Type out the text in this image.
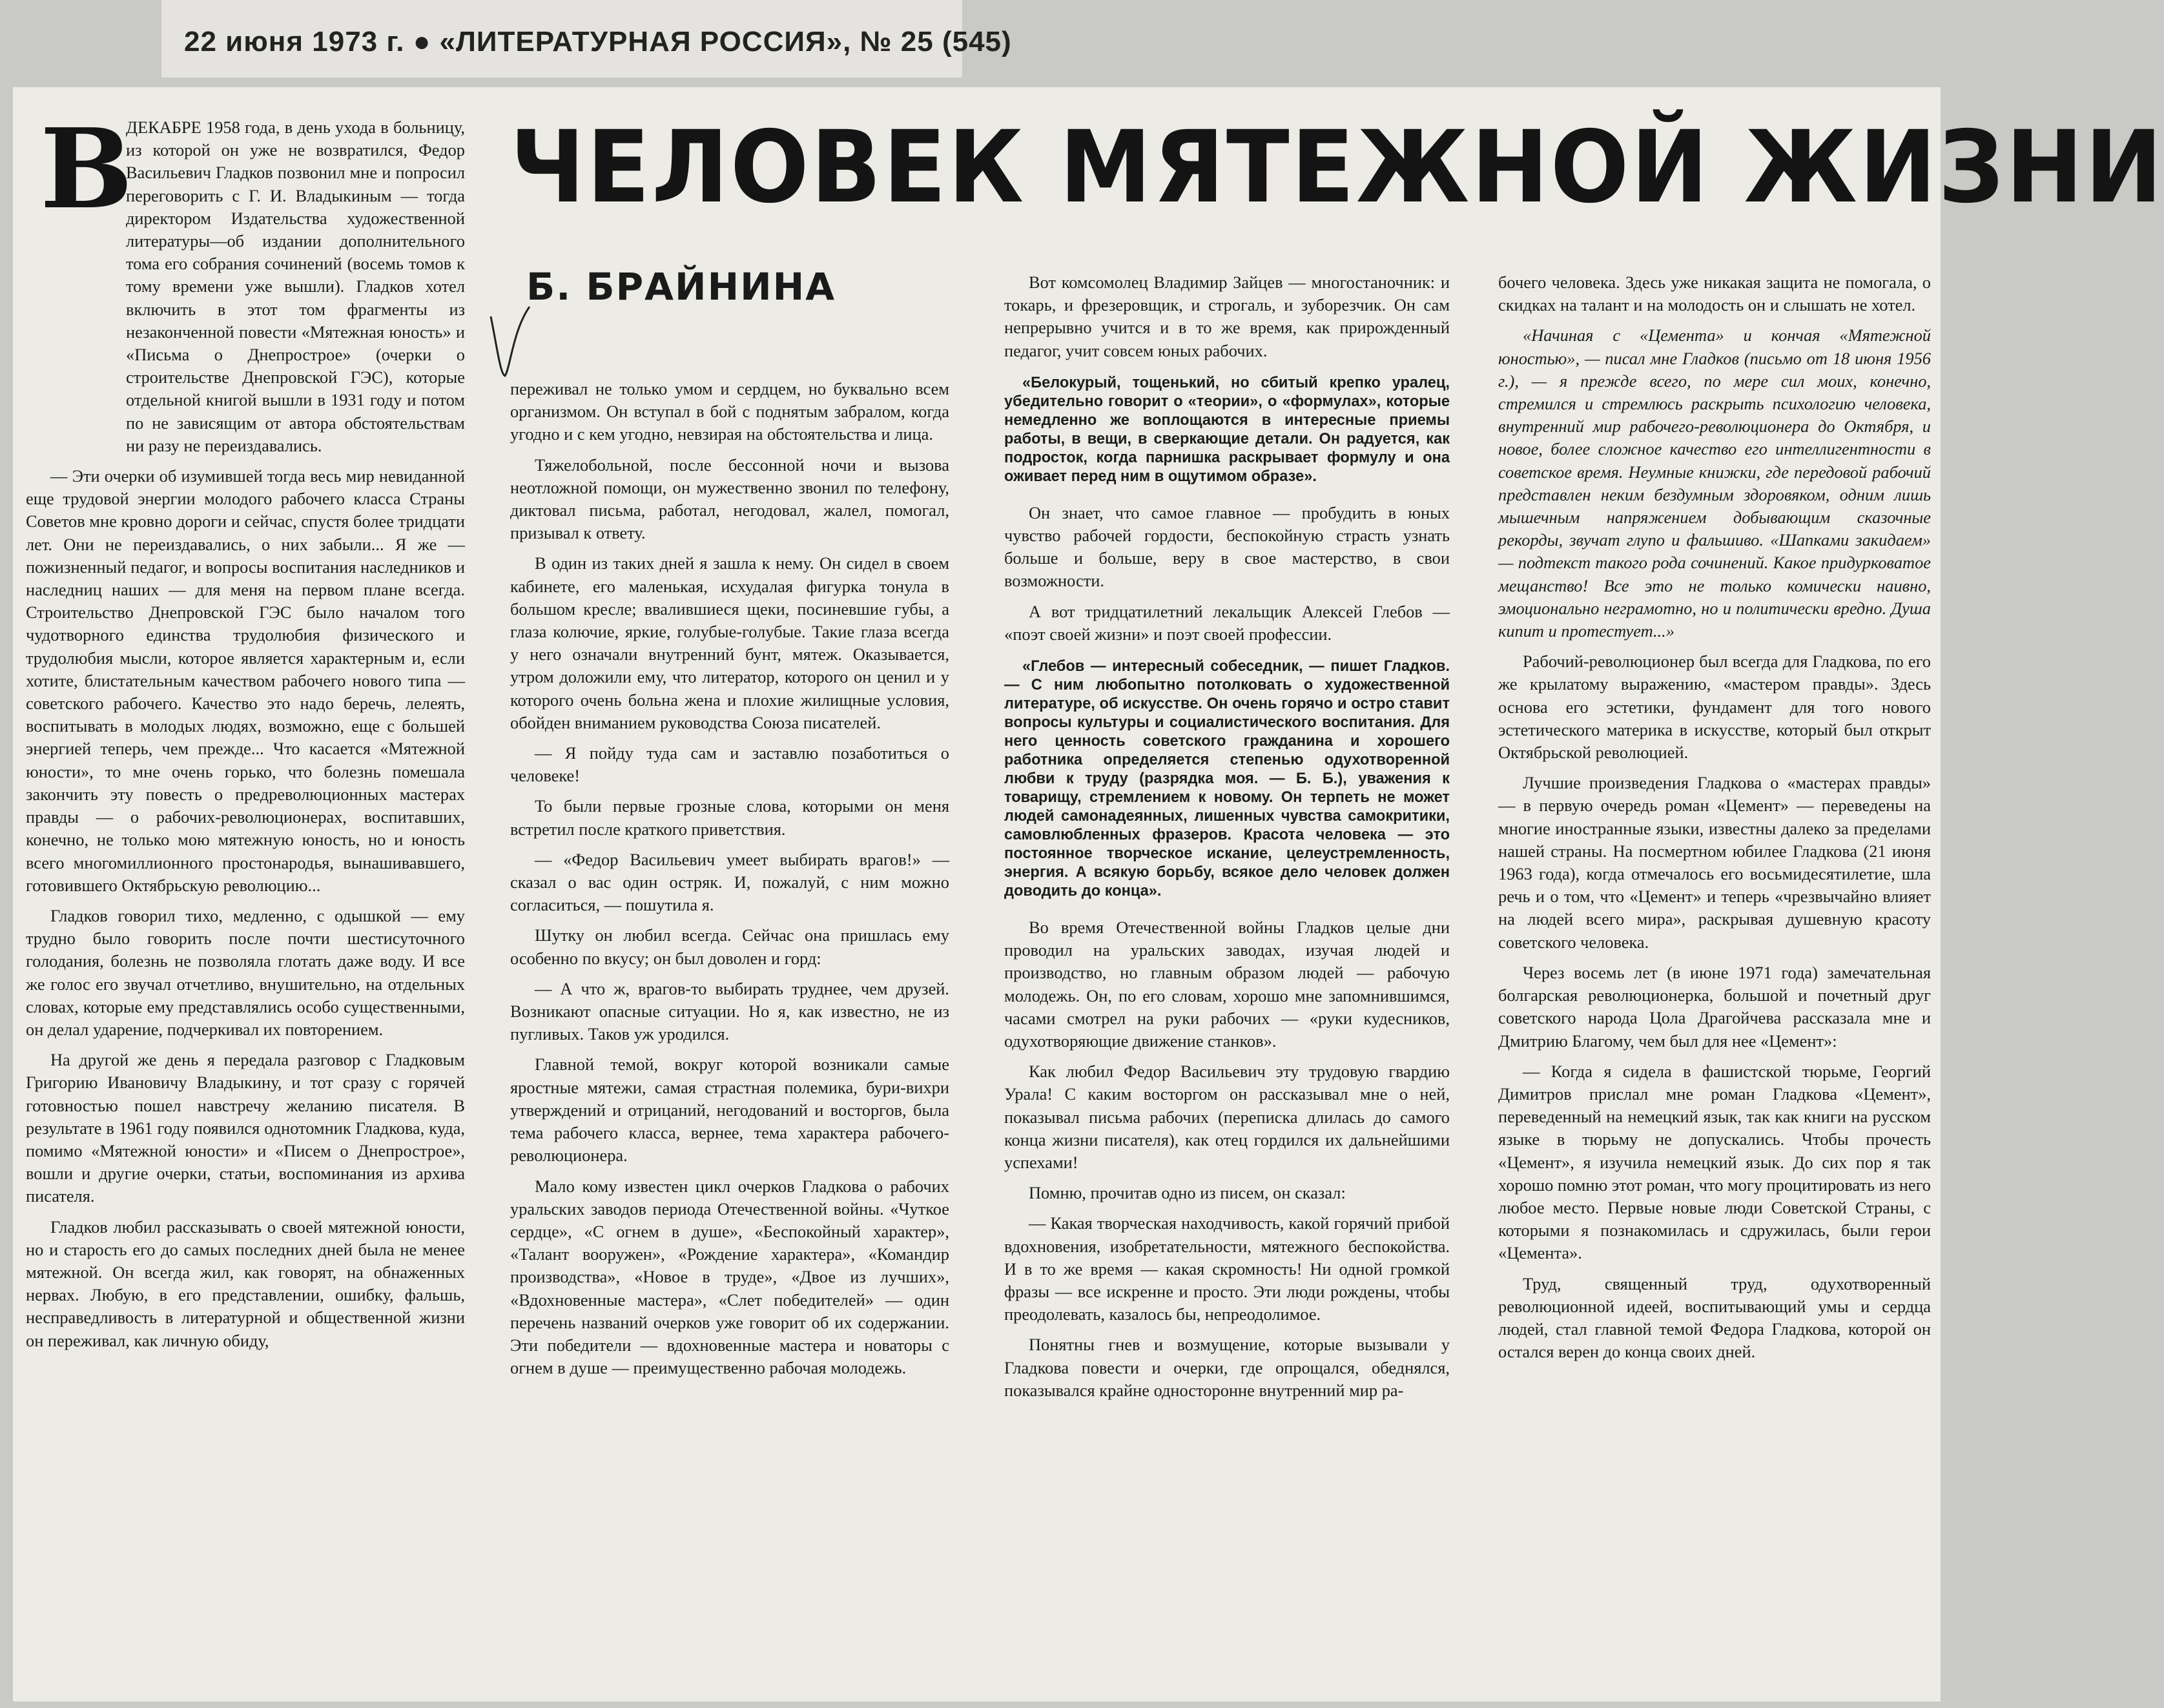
22 июня 1973 г. ● «ЛИТЕРАТУРНАЯ РОССИЯ», № 25 (545)
ЧЕЛОВЕК МЯТЕЖНОЙ ЖИЗНИ
Б. БРАЙНИНА
В

ДЕКАБРЕ 1958 года, в день ухода в больницу, из которой он уже не возвратился, Федор Васильевич Гладков позвонил мне и попросил переговорить с Г. И. Владыкиным — тогда директором Издательства художественной литературы—об издании дополнительного тома его собрания сочинений (восемь томов к тому времени уже вышли). Гладков хотел включить в этот том фрагменты из незаконченной повести «Мятежная юность» и «Письма о Днепрострое» (очерки о строительстве Днепровской ГЭС), которые отдельной книгой вышли в 1931 году и потом по не зависящим от автора обстоятельствам ни разу не переиздавались.

— Эти очерки об изумившей тогда весь мир невиданной еще трудовой энергии молодого рабочего класса Страны Советов мне кровно дороги и сейчас, спустя более тридцати лет. Они не переиздавались, о них забыли... Я же — пожизненный педагог, и вопросы воспитания наследников и наследниц наших — для меня на первом плане всегда. Строительство Днепровской ГЭС было началом того чудотворного единства трудолюбия физического и трудолюбия мысли, которое является характерным и, если хотите, блистательным качеством рабочего нового типа — советского рабочего. Качество это надо беречь, лелеять, воспитывать в молодых людях, возможно, еще с большей энергией теперь, чем прежде... Что касается «Мятежной юности», то мне очень горько, что болезнь помешала закончить эту повесть о предреволюционных мастерах правды — о рабочих-революционерах, воспитавших, конечно, не только мою мятежную юность, но и юность всего многомиллионного простонародья, вынашивавшего, готовившего Октябрьскую революцию...

Гладков говорил тихо, медленно, с одышкой — ему трудно было говорить после почти шестисуточного голодания, болезнь не позволяла глотать даже воду. И все же голос его звучал отчетливо, внушительно, на отдельных словах, которые ему представлялись особо существенными, он делал ударение, подчеркивал их повторением.

На другой же день я передала разговор с Гладковым Григорию Ивановичу Владыкину, и тот сразу с горячей готовностью пошел навстречу желанию писателя. В результате в 1961 году появился однотомник Гладкова, куда, помимо «Мятежной юности» и «Писем о Днепрострое», вошли и другие очерки, статьи, воспоминания из архива писателя.

Гладков любил рассказывать о своей мятежной юности, но и старость его до самых последних дней была не менее мятежной. Он всегда жил, как говорят, на обнаженных нервах. Любую, в его представлении, ошибку, фальшь, несправедливость в литературной и общественной жизни он переживал, как личную обиду,

переживал не только умом и сердцем, но буквально всем организмом. Он вступал в бой с поднятым забралом, когда угодно и с кем угодно, невзирая на обстоятельства и лица.

Тяжелобольной, после бессонной ночи и вызова неотложной помощи, он мужественно звонил по телефону, диктовал письма, работал, негодовал, жалел, помогал, призывал к ответу.

В один из таких дней я зашла к нему. Он сидел в своем кабинете, его маленькая, исхудалая фигурка тонула в большом кресле; ввалившиеся щеки, посиневшие губы, а глаза колючие, яркие, голубые-голубые. Такие глаза всегда у него означали внутренний бунт, мятеж. Оказывается, утром доложили ему, что литератор, которого он ценил и у которого очень больна жена и плохие жилищные условия, обойден вниманием руководства Союза писателей.

— Я пойду туда сам и заставлю позаботиться о человеке!

То были первые грозные слова, которыми он меня встретил после краткого приветствия.

— «Федор Васильевич умеет выбирать врагов!» — сказал о вас один остряк. И, пожалуй, с ним можно согласиться, — пошутила я.

Шутку он любил всегда. Сейчас она пришлась ему особенно по вкусу; он был доволен и горд:

— А что ж, врагов-то выбирать труднее, чем друзей. Возникают опасные ситуации. Но я, как известно, не из пугливых. Таков уж уродился.

Главной темой, вокруг которой возникали самые яростные мятежи, самая страстная полемика, бури-вихри утверждений и отрицаний, негодований и восторгов, была тема рабочего класса, вернее, тема характера рабочего-революционера.

Мало кому известен цикл очерков Гладкова о рабочих уральских заводов периода Отечественной войны. «Чуткое сердце», «С огнем в душе», «Беспокойный характер», «Талант вооружен», «Рождение характера», «Командир производства», «Новое в труде», «Двое из лучших», «Вдохновенные мастера», «Слет победителей» — один перечень названий очерков уже говорит об их содержании. Эти победители — вдохновенные мастера и новаторы с огнем в душе — преимущественно рабочая молодежь.

Вот комсомолец Владимир Зайцев — многостаночник: и токарь, и фрезеровщик, и строгаль, и зуборезчик. Он сам непрерывно учится и в то же время, как прирожденный педагог, учит совсем юных рабочих.

«Белокурый, тощенький, но сбитый крепко уралец, убедительно говорит о «теории», о «формулах», которые немедленно же воплощаются в интересные приемы работы, в вещи, в сверкающие детали. Он радуется, как подросток, когда парнишка раскрывает формулу и она оживает перед ним в ощутимом образе».

Он знает, что самое главное — пробудить в юных чувство рабочей гордости, беспокойную страсть узнать больше и больше, веру в свое мастерство, в свои возможности.

А вот тридцатилетний лекальщик Алексей Глебов — «поэт своей жизни» и поэт своей профессии.

«Глебов — интересный собеседник, — пишет Гладков. — С ним любопытно потолковать о художественной литературе, об искусстве. Он очень горячо и остро ставит вопросы культуры и социалистического воспитания. Для него ценность советского гражданина и хорошего работника определяется степенью одухотворенной любви к труду (разрядка моя. — Б. Б.), уважения к товарищу, стремлением к новому. Он терпеть не может людей самонадеянных, лишенных чувства самокритики, самовлюбленных фразеров. Красота человека — это постоянное творческое искание, целеустремленность, энергия. А всякую борьбу, всякое дело человек должен доводить до конца».

Во время Отечественной войны Гладков целые дни проводил на уральских заводах, изучая людей и производство, но главным образом людей — рабочую молодежь. Он, по его словам, хорошо мне запомнившимся, часами смотрел на руки рабочих — «руки кудесников, одухотворяющие движение станков».

Как любил Федор Васильевич эту трудовую гвардию Урала! С каким восторгом он рассказывал мне о ней, показывал письма рабочих (переписка длилась до самого конца жизни писателя), как отец гордился их дальнейшими успехами!

Помню, прочитав одно из писем, он сказал:

— Какая творческая находчивость, какой горячий прибой вдохновения, изобретательности, мятежного беспокойства. И в то же время — какая скромность! Ни одной громкой фразы — все искренне и просто. Эти люди рождены, чтобы преодолевать, казалось бы, непреодолимое.

Понятны гнев и возмущение, которые вызывали у Гладкова повести и очерки, где опрощался, обеднялся, показывался крайне односторонне внутренний мир ра-

бочего человека. Здесь уже никакая защита не помогала, о скидках на талант и на молодость он и слышать не хотел.

«Начиная с «Цемента» и кончая «Мятежной юностью», — писал мне Гладков (письмо от 18 июня 1956 г.), — я прежде всего, по мере сил моих, конечно, стремился и стремлюсь раскрыть психологию человека, внутренний мир рабочего-революционера до Октября, и новое, более сложное качество его интеллигентности в советское время. Неумные книжки, где передовой рабочий представлен неким бездумным здоровяком, одним лишь мышечным напряжением добывающим сказочные рекорды, звучат глупо и фальшиво. «Шапками закидаем» — подтекст такого рода сочинений. Какое придурковатое мещанство! Все это не только комически наивно, эмоционально неграмотно, но и политически вредно. Душа кипит и протестует...»

Рабочий-революционер был всегда для Гладкова, по его же крылатому выражению, «мастером правды». Здесь основа его эстетики, фундамент для того нового эстетического материка в искусстве, который был открыт Октябрьской революцией.

Лучшие произведения Гладкова о «мастерах правды» — в первую очередь роман «Цемент» — переведены на многие иностранные языки, известны далеко за пределами нашей страны. На посмертном юбилее Гладкова (21 июня 1963 года), когда отмечалось его восьмидесятилетие, шла речь и о том, что «Цемент» и теперь «чрезвычайно влияет на людей всего мира», раскрывая душевную красоту советского человека.

Через восемь лет (в июне 1971 года) замечательная болгарская революционерка, большой и почетный друг советского народа Цола Драгойчева рассказала мне и Дмитрию Благому, чем был для нее «Цемент»:

— Когда я сидела в фашистской тюрьме, Георгий Димитров прислал мне роман Гладкова «Цемент», переведенный на немецкий язык, так как книги на русском языке в тюрьму не допускались. Чтобы прочесть «Цемент», я изучила немецкий язык. До сих пор я так хорошо помню этот роман, что могу процитировать из него любое место. Первые новые люди Советской Страны, с которыми я познакомилась и сдружилась, были герои «Цемента».

Труд, священный труд, одухотворенный революционной идеей, воспитывающий умы и сердца людей, стал главной темой Федора Гладкова, которой он остался верен до конца своих дней.
